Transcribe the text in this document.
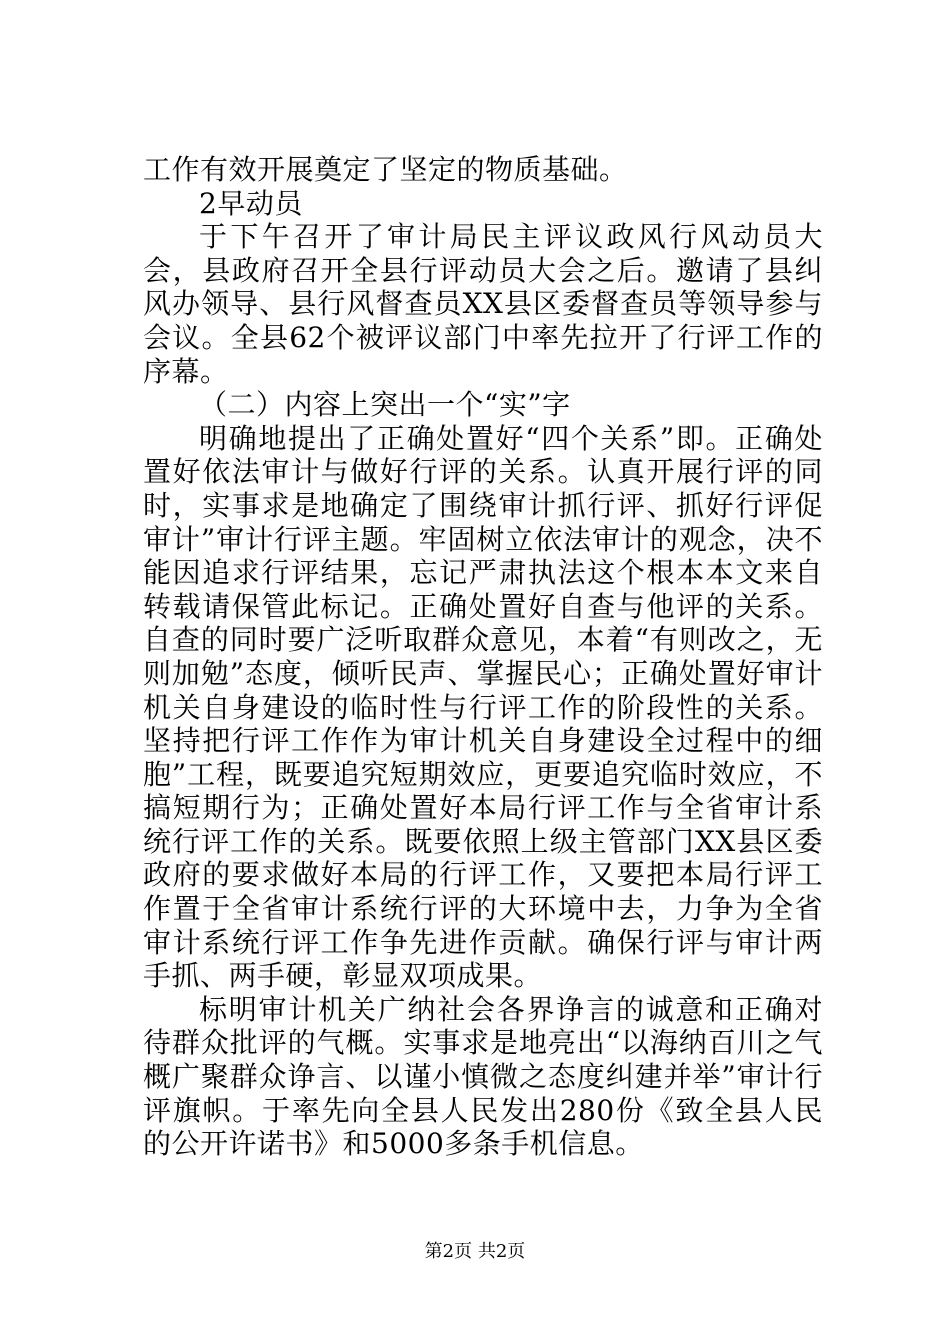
工作有效开展奠定了坚定的物质基础。

2早动员

于下午召开了审计局民主评议政风行风动员大会，县政府召开全县行评动员大会之后。邀请了县纠风办领导、县行风督查员XX县区委督查员等领导参与会议。全县62个被评议部门中率先拉开了行评工作的序幕。

（二）内容上突出一个“实”字

明确地提出了正确处置好“四个关系”即。正确处置好依法审计与做好行评的关系。认真开展行评的同时，实事求是地确定了围绕审计抓行评、抓好行评促审计”审计行评主题。牢固树立依法审计的观念，决不能因追求行评结果，忘记严肃执法这个根本本文来自转载请保管此标记。正确处置好自查与他评的关系。自查的同时要广泛听取群众意见，本着“有则改之，无则加勉”态度，倾听民声、掌握民心；正确处置好审计机关自身建设的临时性与行评工作的阶段性的关系。坚持把行评工作作为审计机关自身建设全过程中的细胞”工程，既要追究短期效应，更要追究临时效应，不搞短期行为；正确处置好本局行评工作与全省审计系统行评工作的关系。既要依照上级主管部门XX县区委政府的要求做好本局的行评工作，又要把本局行评工作置于全省审计系统行评的大环境中去，力争为全省审计系统行评工作争先进作贡献。确保行评与审计两手抓、两手硬，彰显双项成果。

标明审计机关广纳社会各界诤言的诚意和正确对待群众批评的气概。实事求是地亮出“以海纳百川之气概广聚群众诤言、以谨小慎微之态度纠建并举”审计行评旗帜。于率先向全县人民发出280份《致全县人民的公开许诺书》和5000多条手机信息。

第2页 共2页
